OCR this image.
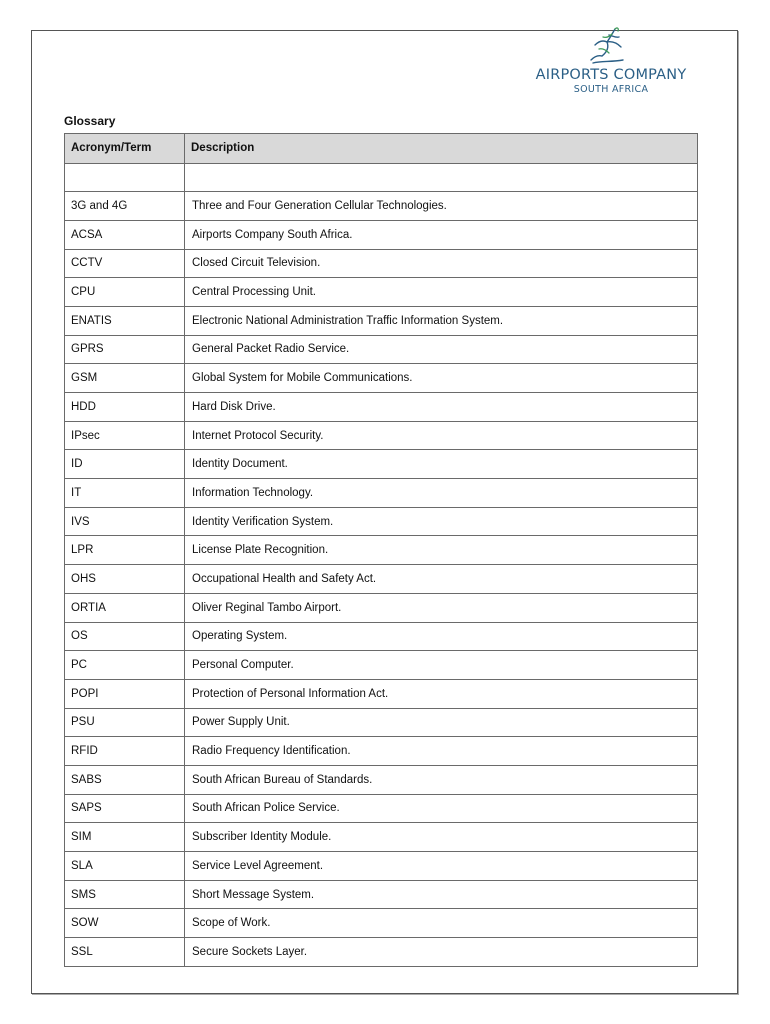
AIRPORTS COMPANY
SOUTH AFRICA
Glossary
Acronym/Term	Description

3G and 4G	Three and Four Generation Cellular Technologies.
ACSA	Airports Company South Africa.
CCTV	Closed Circuit Television.
CPU	Central Processing Unit.
ENATIS	Electronic National Administration Traffic Information System.
GPRS	General Packet Radio Service.
GSM	Global System for Mobile Communications.
HDD	Hard Disk Drive.
IPsec	Internet Protocol Security.
ID	Identity Document.
IT	Information Technology.
IVS	Identity Verification System.
LPR	License Plate Recognition.
OHS	Occupational Health and Safety Act.
ORTIA	Oliver Reginal Tambo Airport.
OS	Operating System.
PC	Personal Computer.
POPI	Protection of Personal Information Act.
PSU	Power Supply Unit.
RFID	Radio Frequency Identification.
SABS	South African Bureau of Standards.
SAPS	South African Police Service.
SIM	Subscriber Identity Module.
SLA	Service Level Agreement.
SMS	Short Message System.
SOW	Scope of Work.
SSL	Secure Sockets Layer.
